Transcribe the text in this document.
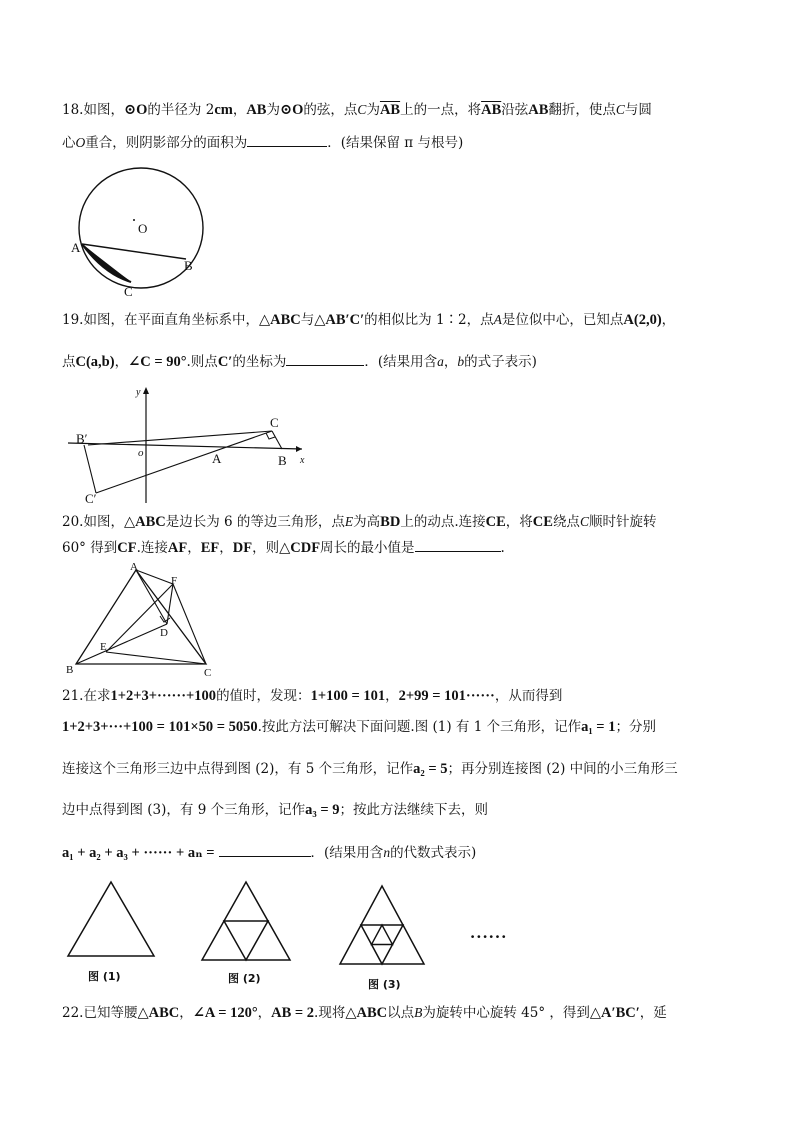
18.如图，⊙O的半径为 2cm，AB为⊙O的弦，点C为$\overline{AB}$上的一点，将$\overline{AB}$沿弦AB翻折，使点C与圆
心O重合，则阴影部分的面积为	．(结果保留 π 与根号)
O
A
B
C
19.如图，在平面直角坐标系中，△ABC与△AB′C′的相似比为 1∶2，点A是位似中心，已知点A(2,0)，
点C(a,b)，∠C = 90°.则点C′的坐标为	．(结果用含a，b的式子表示)
y
o
x
A	B
C
B′
C′
20.如图，△ABC是边长为 6 的等边三角形，点E为高BD上的动点.连接CE，将CE绕点C顺时针旋转
60° 得到CF.连接AF，EF，DF，则△CDF周长的最小值是	.
A
B	C
D
E
F
21.在求1+2+3+······+100的值时，发现：1+100 = 101，2+99 = 101······，从而得到
1+2+3+···+100 = 101×50 = 5050.按此方法可解决下面问题.图 (1) 有 1 个三角形，记作a₁ = 1；分别
连接这个三角形三边中点得到图 (2)，有 5 个三角形，记作a₂ = 5；再分别连接图 (2) 中间的小三角形三
边中点得到图 (3)，有 9 个三角形，记作a₃ = 9；按此方法继续下去，则
a₁ + a₂ + a₃ + ······ + aₙ =	．(结果用含n的代数式表示)
图 (1)	图 (2)	图 (3)
······
22.已知等腰△ABC，∠A = 120°，AB = 2.现将△ABC以点B为旋转中心旋转 45° ，得到△A′BC′，延
